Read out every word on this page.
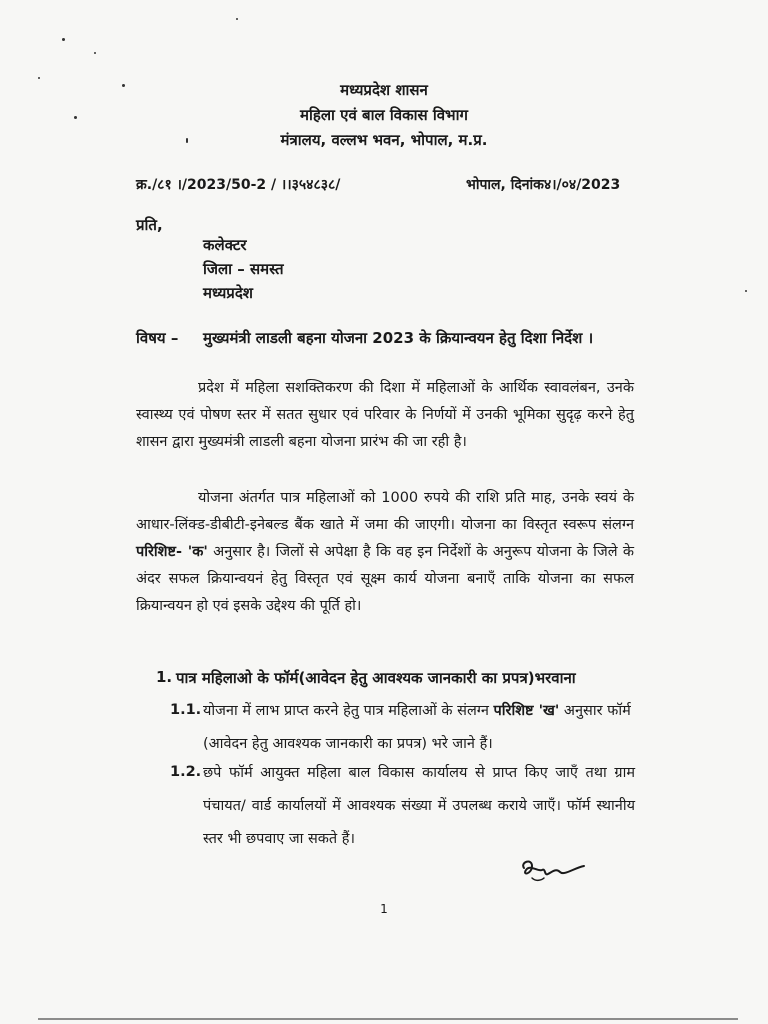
मध्यप्रदेश शासन
महिला एवं बाल विकास विभाग
मंत्रालय, वल्लभ भवन, भोपाल, म.प्र.
क्र./८१ ।/2023/50-2 / ।।३५४८३८/	भोपाल, दिनांक४।/०४/2023
प्रति,
कलेक्टर
जिला – समस्त
मध्यप्रदेश
विषय – मुख्यमंत्री लाडली बहना योजना 2023 के क्रियान्वयन हेतु दिशा निर्देश ।

प्रदेश में महिला सशक्तिकरण की दिशा में महिलाओं के आर्थिक स्वावलंबन, उनके स्वास्थ्य एवं पोषण स्तर में सतत सुधार एवं परिवार के निर्णयों में उनकी भूमिका सुदृढ़ करने हेतु शासन द्वारा मुख्यमंत्री लाडली बहना योजना प्रारंभ की जा रही है।

योजना अंतर्गत पात्र महिलाओं को 1000 रुपये की राशि प्रति माह, उनके स्वयं के आधार-लिंक्ड-डीबीटी-इनेबल्ड बैंक खाते में जमा की जाएगी। योजना का विस्तृत स्वरूप संलग्न परिशिष्ट- 'क' अनुसार है। जिलों से अपेक्षा है कि वह इन निर्देशों के अनुरूप योजना के जिले के अंदर सफल क्रियान्वयनं हेतु विस्तृत एवं सूक्ष्म कार्य योजना बनाएँ ताकि योजना का सफल क्रियान्वयन हो एवं इसके उद्देश्य की पूर्ति हो।

1. पात्र महिलाओ के फॉर्म(आवेदन हेतु आवश्यक जानकारी का प्रपत्र)भरवाना
1.1. योजना में लाभ प्राप्त करने हेतु पात्र महिलाओं के संलग्न परिशिष्ट 'ख' अनुसार फॉर्म (आवेदन हेतु आवश्यक जानकारी का प्रपत्र) भरे जाने हैं।
1.2. छपे फॉर्म आयुक्त महिला बाल विकास कार्यालय से प्राप्त किए जाएँ तथा ग्राम पंचायत/ वार्ड कार्यालयों में आवश्यक संख्या में उपलब्ध कराये जाएँ। फॉर्म स्थानीय स्तर भी छपवाए जा सकते हैं।
1
